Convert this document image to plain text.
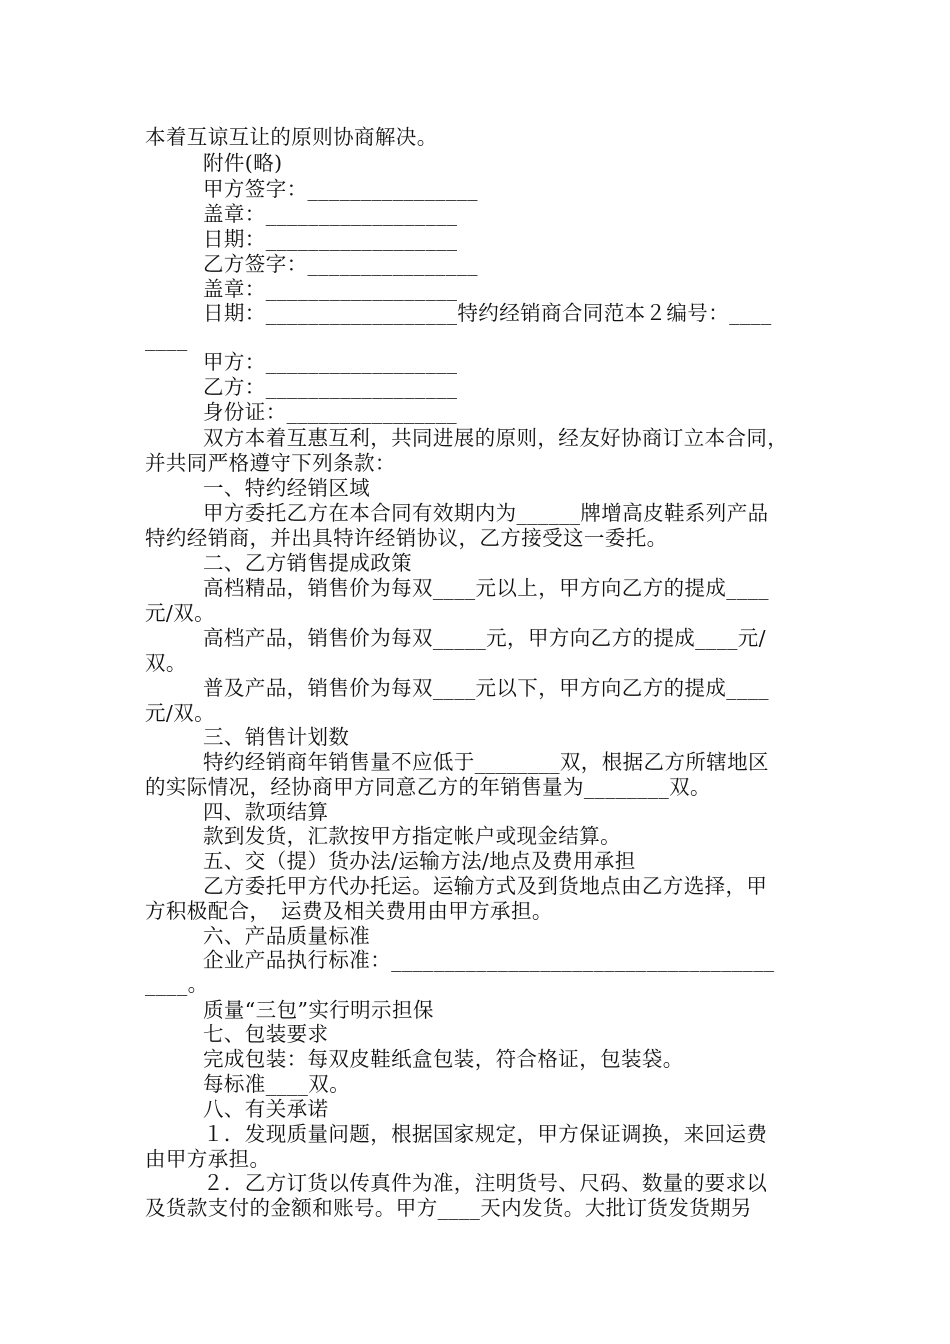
本着互谅互让的原则协商解决。
附件(略)
甲方签字：________________
盖章：__________________
日期：__________________
乙方签字：________________
盖章：__________________
日期：__________________特约经销商合同范本２编号：____
____
甲方：__________________
乙方：__________________
身份证：________________
双方本着互惠互利，共同进展的原则，经友好协商订立本合同，
并共同严格遵守下列条款：
一、特约经销区域
甲方委托乙方在本合同有效期内为______牌增高皮鞋系列产品
特约经销商，并出具特许经销协议，乙方接受这一委托。
二、乙方销售提成政策
高档精品，销售价为每双____元以上，甲方向乙方的提成____
元/双。
高档产品，销售价为每双_____元，甲方向乙方的提成____元/
双。
普及产品，销售价为每双____元以下，甲方向乙方的提成____
元/双。
三、销售计划数
特约经销商年销售量不应低于________双，根据乙方所辖地区
的实际情况，经协商甲方同意乙方的年销售量为________双。
四、款项结算
款到发货，汇款按甲方指定帐户或现金结算。
五、交（提）货办法/运输方法/地点及费用承担
乙方委托甲方代办托运。运输方式及到货地点由乙方选择，甲
方积极配合，　运费及相关费用由甲方承担。
六、产品质量标准
企业产品执行标准：____________________________________
____。
质量“三包”实行明示担保
七、包装要求
完成包装：每双皮鞋纸盒包装，符合格证，包装袋。
每标准____双。
八、有关承诺
１．发现质量问题，根据国家规定，甲方保证调换，来回运费
由甲方承担。
２．乙方订货以传真件为准，注明货号、尺码、数量的要求以
及货款支付的金额和账号。甲方____天内发货。大批订货发货期另
